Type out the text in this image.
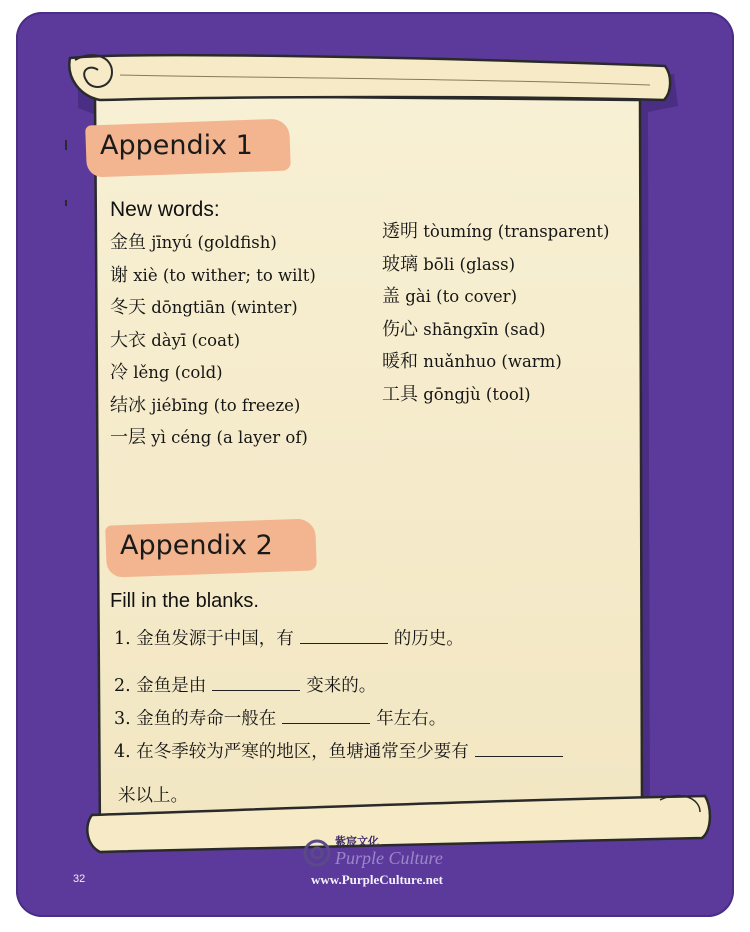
Appendix 1
New words:
金鱼 jīnyú (goldfish)
谢 xiè (to wither; to wilt)
冬天 dōngtiān (winter)
大衣 dàyī (coat)
冷 lěng (cold)
结冰 jiébīng (to freeze)
一层 yì céng (a layer of)
透明 tòumíng (transparent)
玻璃 bōli (glass)
盖 gài (to cover)
伤心 shāngxīn (sad)
暖和 nuǎnhuo (warm)
工具 gōngjù (tool)
Appendix 2
Fill in the blanks.
1. 金鱼发源于中国，有	的历史。
2. 金鱼是由	变来的。
3. 金鱼的寿命一般在	年左右。
4. 在冬季较为严寒的地区，鱼塘通常至少要有
米以上。
紫宸文化
Purple Culture
www.PurpleCulture.net
32
